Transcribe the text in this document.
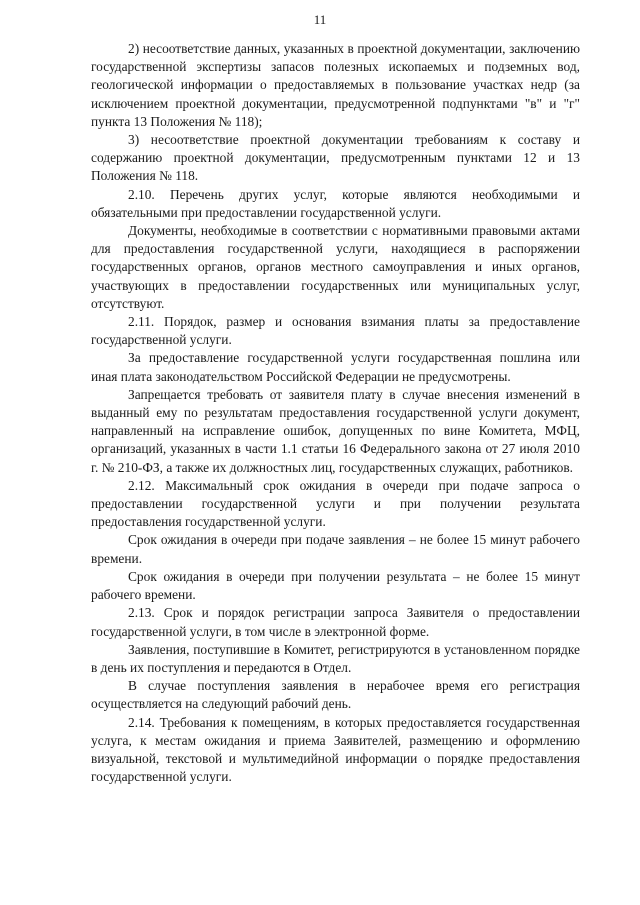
11

2) несоответствие данных, указанных в проектной документации, заключению государственной экспертизы запасов полезных ископаемых и подземных вод, геологической информации о предоставляемых в пользование участках недр (за исключением проектной документации, предусмотренной подпунктами "в" и "г" пункта 13 Положения № 118);

3) несоответствие проектной документации требованиям к составу и содержанию проектной документации, предусмотренным пунктами 12 и 13 Положения № 118.

2.10. Перечень других услуг, которые являются необходимыми и обязательными при предоставлении государственной услуги.

Документы, необходимые в соответствии с нормативными правовыми актами для предоставления государственной услуги, находящиеся в распоряжении государственных органов, органов местного самоуправления и иных органов, участвующих в предоставлении государственных или муниципальных услуг, отсутствуют.

2.11. Порядок, размер и основания взимания платы за предоставление государственной услуги.

За предоставление государственной услуги государственная пошлина или иная плата законодательством Российской Федерации не предусмотрены.

Запрещается требовать от заявителя плату в случае внесения изменений в выданный ему по результатам предоставления государственной услуги документ, направленный на исправление ошибок, допущенных по вине Комитета, МФЦ, организаций, указанных в части 1.1 статьи 16 Федерального закона от 27 июля 2010 г. № 210-ФЗ, а также их должностных лиц, государственных служащих, работников.

2.12. Максимальный срок ожидания в очереди при подаче запроса о предоставлении государственной услуги и при получении результата предоставления государственной услуги.

Срок ожидания в очереди при подаче заявления – не более 15 минут рабочего времени.

Срок ожидания в очереди при получении результата – не более 15 минут рабочего времени.

2.13. Срок и порядок регистрации запроса Заявителя о предоставлении государственной услуги, в том числе в электронной форме.

Заявления, поступившие в Комитет, регистрируются в установленном порядке в день их поступления и передаются в Отдел.

В случае поступления заявления в нерабочее время его регистрация осуществляется на следующий рабочий день.

2.14. Требования к помещениям, в которых предоставляется государственная услуга, к местам ожидания и приема Заявителей, размещению и оформлению визуальной, текстовой и мультимедийной информации о порядке предоставления государственной услуги.
